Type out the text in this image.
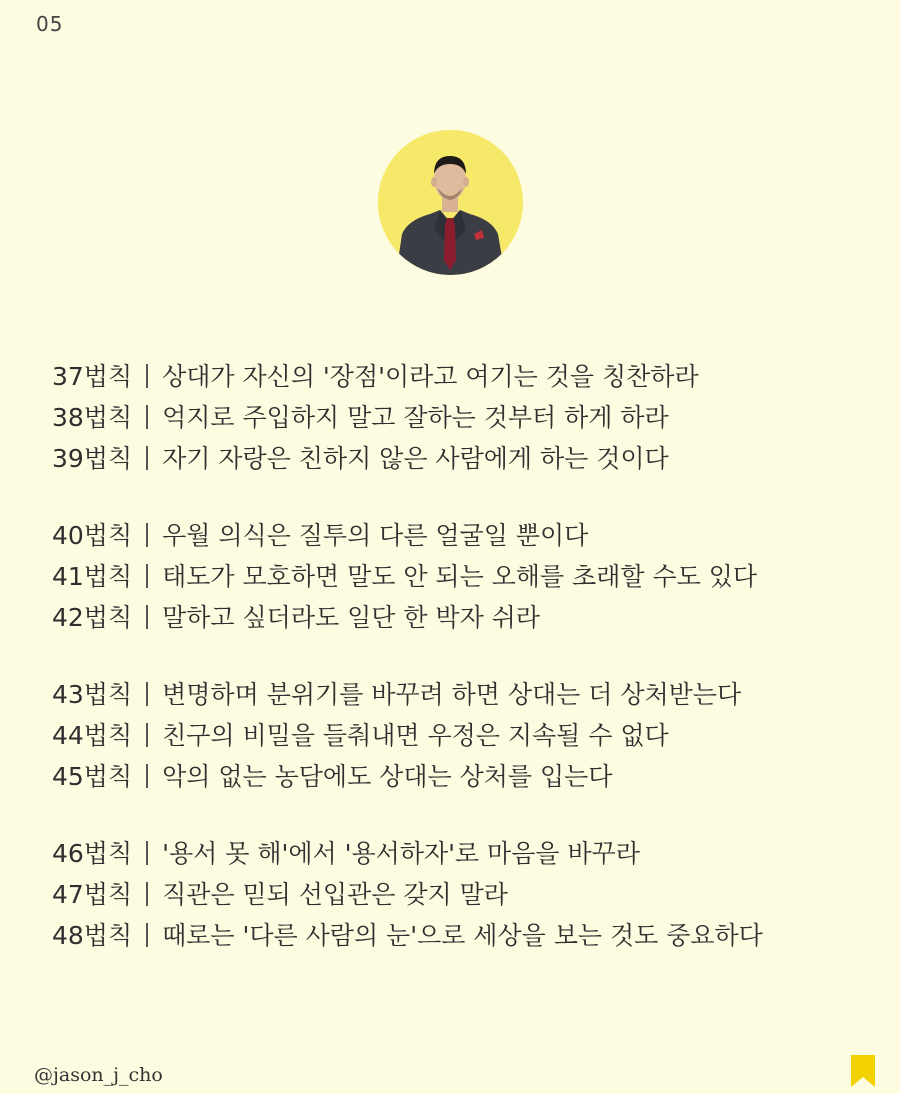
05
37법칙 상대가 자신의 '장점'이라고 여기는 것을 칭찬하라
38법칙 억지로 주입하지 말고 잘하는 것부터 하게 하라
39법칙 자기 자랑은 친하지 않은 사람에게 하는 것이다
40법칙 우월 의식은 질투의 다른 얼굴일 뿐이다
41법칙 태도가 모호하면 말도 안 되는 오해를 초래할 수도 있다
42법칙 말하고 싶더라도 일단 한 박자 쉬라
43법칙 변명하며 분위기를 바꾸려 하면 상대는 더 상처받는다
44법칙 친구의 비밀을 들춰내면 우정은 지속될 수 없다
45법칙 악의 없는 농담에도 상대는 상처를 입는다
46법칙 '용서 못 해'에서 '용서하자'로 마음을 바꾸라
47법칙 직관은 믿되 선입관은 갖지 말라
48법칙 때로는 '다른 사람의 눈'으로 세상을 보는 것도 중요하다
@jason_j_cho
